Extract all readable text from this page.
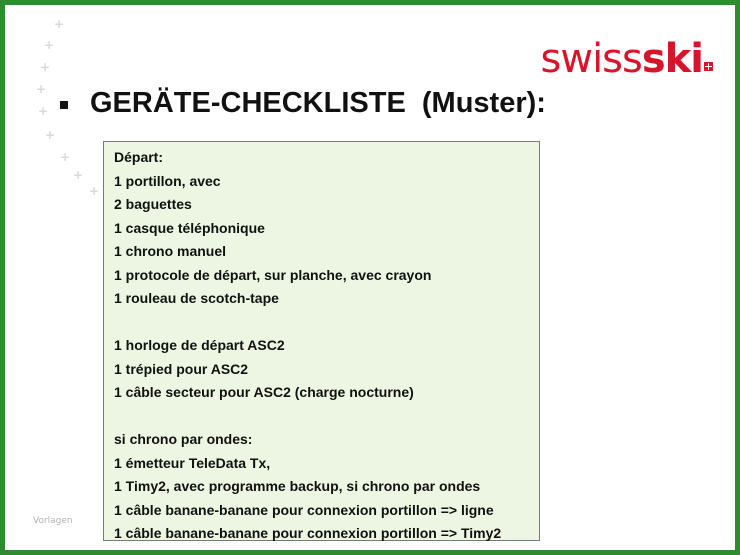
+
+
+
+
+
+
+
+
+
swiss ski
GERÄTE-CHECKLISTE  (Muster):
Départ:
1 portillon, avec
2 baguettes
1 casque téléphonique
1 chrono manuel
1 protocole de départ, sur planche, avec crayon
1 rouleau de scotch-tape
1 horloge de départ ASC2
1 trépied pour ASC2
1 câble secteur pour ASC2 (charge nocturne)
si chrono par ondes:
1 émetteur TeleData Tx,
1 Timy2, avec programme backup, si chrono par ondes
1 câble banane-banane pour connexion portillon => ligne
1 câble banane-banane pour connexion portillon => Timy2
Vorlagen
